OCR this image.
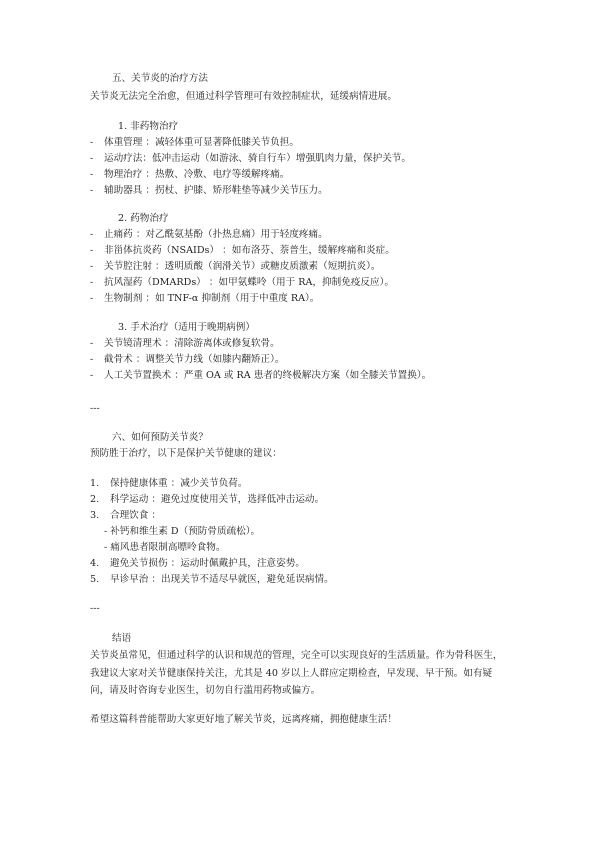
五、关节炎的治疗方法
关节炎无法完全治愈，但通过科学管理可有效控制症状，延缓病情进展。
1. 非药物治疗
- 体重管理 ：减轻体重可显著降低膝关节负担。
- 运动疗法：低冲击运动（如游泳、骑自行车）增强肌肉力量，保护关节。
- 物理治疗 ：热敷、冷敷、电疗等缓解疼痛。
- 辅助器具 ：拐杖、护膝、矫形鞋垫等减少关节压力。
2. 药物治疗
- 止痛药 ：对乙酰氨基酚（扑热息痛）用于轻度疼痛。
- 非甾体抗炎药（NSAIDs） ：如布洛芬、萘普生，缓解疼痛和炎症。
- 关节腔注射 ：透明质酸（润滑关节）或糖皮质激素（短期抗炎）。
- 抗风湿药（DMARDs） ：如甲氨蝶呤（用于 RA，抑制免疫反应）。
- 生物制剂 ：如 TNF-α 抑制剂（用于中重度 RA）。
3. 手术治疗（适用于晚期病例）
- 关节镜清理术 ：清除游离体或修复软骨。
- 截骨术 ：调整关节力线（如膝内翻矫正）。
- 人工关节置换术 ：严重 OA 或 RA 患者的终极解决方案（如全膝关节置换）。
---
六、如何预防关节炎？
预防胜于治疗，以下是保护关节健康的建议：
1. 保持健康体重 ：减少关节负荷。
2. 科学运动 ：避免过度使用关节，选择低冲击运动。
3. 合理饮食 ：
- 补钙和维生素 D（预防骨质疏松）。
- 痛风患者限制高嘌呤食物。
4. 避免关节损伤 ：运动时佩戴护具，注意姿势。
5. 早诊早治 ：出现关节不适尽早就医，避免延误病情。
---
结语
关节炎虽常见，但通过科学的认识和规范的管理，完全可以实现良好的生活质量。作为骨科医生，我建议大家对关节健康保持关注，尤其是 40 岁以上人群应定期检查，早发现、早干预。如有疑问，请及时咨询专业医生，切勿自行滥用药物或偏方。
希望这篇科普能帮助大家更好地了解关节炎，远离疼痛，拥抱健康生活！
